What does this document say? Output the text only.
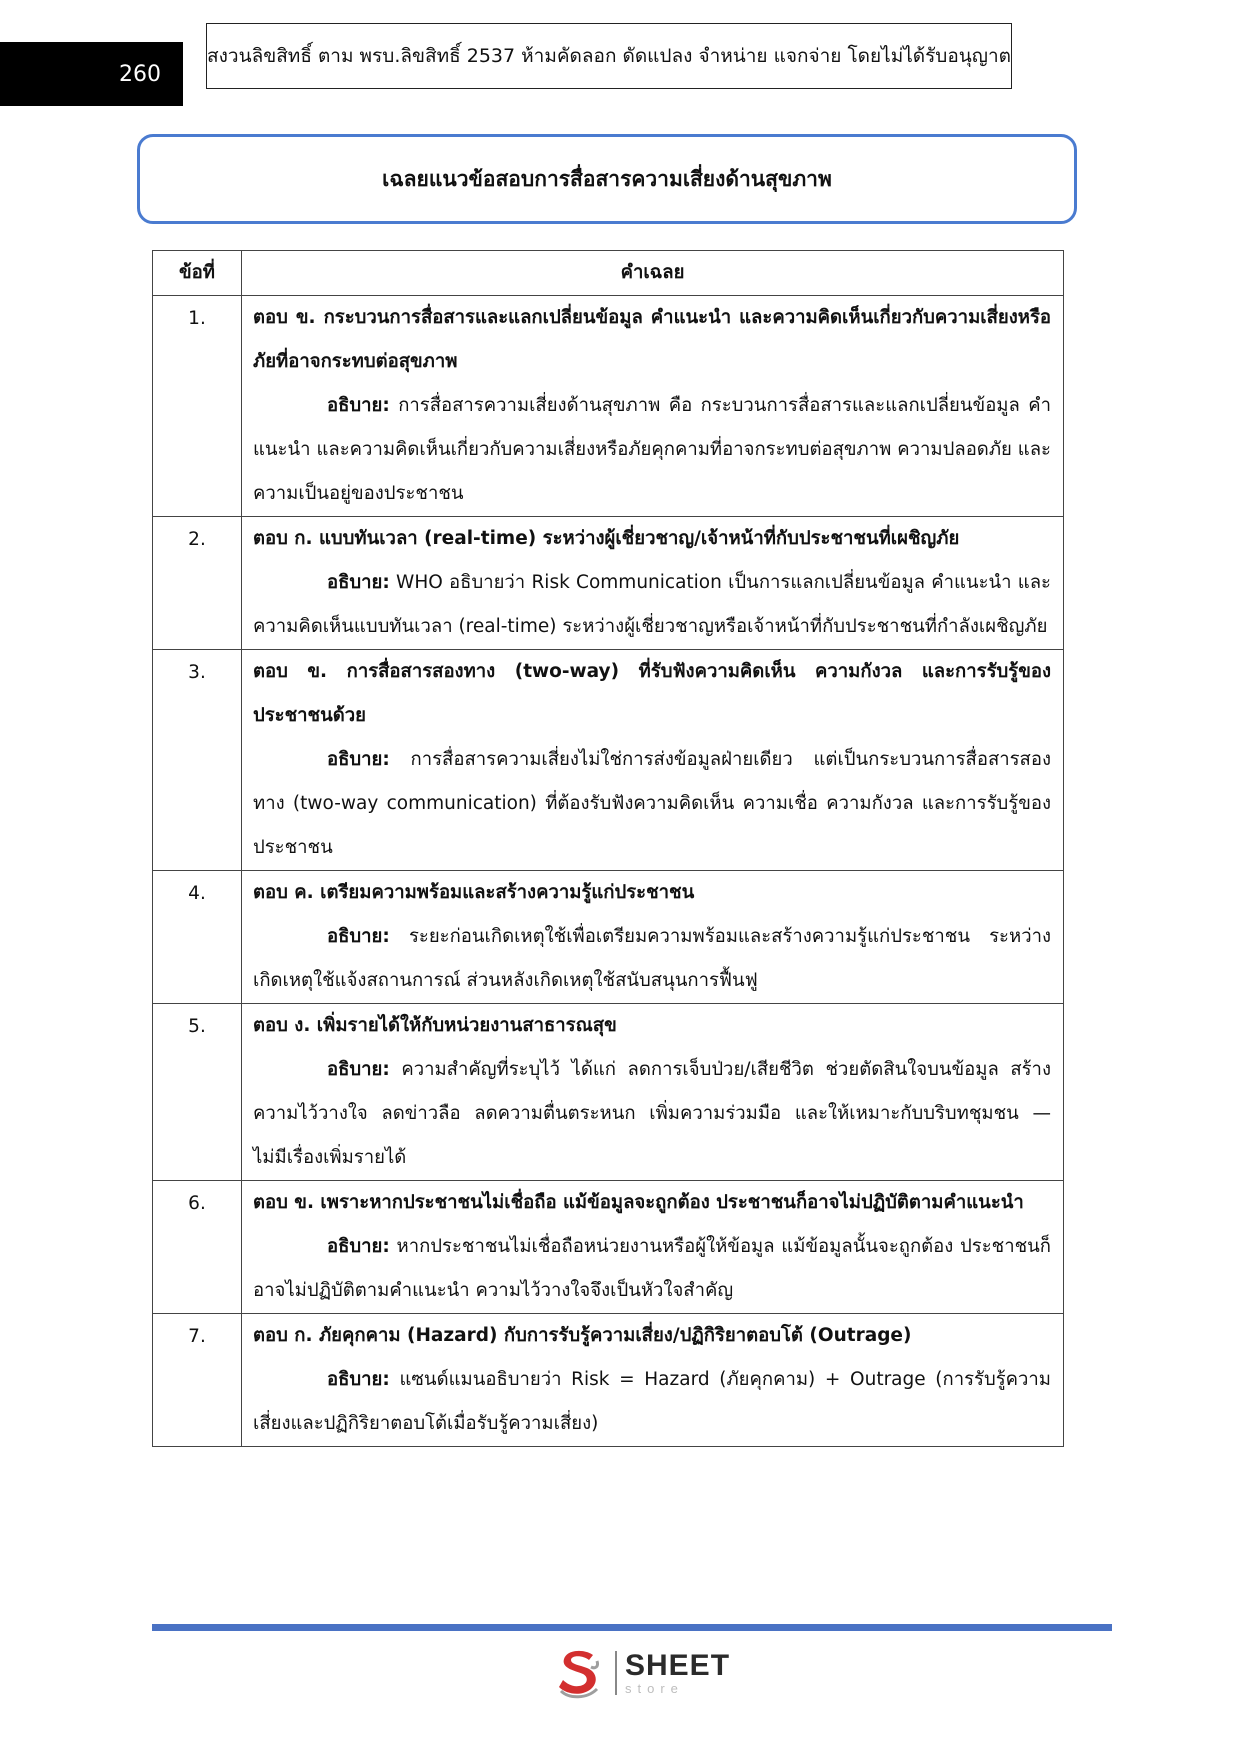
260
สงวนลิขสิทธิ์ ตาม พรบ.ลิขสิทธิ์ 2537 ห้ามคัดลอก ดัดแปลง จำหน่าย แจกจ่าย โดยไม่ได้รับอนุญาต
เฉลยแนวข้อสอบการสื่อสารความเสี่ยงด้านสุขภาพ
ข้อที่	คำเฉลย
1.	ตอบ ข. กระบวนการสื่อสารและแลกเปลี่ยนข้อมูล คำแนะนำ และความคิดเห็นเกี่ยวกับความเสี่ยงหรือภัยที่อาจกระทบต่อสุขภาพ
อธิบาย: การสื่อสารความเสี่ยงด้านสุขภาพ คือ กระบวนการสื่อสารและแลกเปลี่ยนข้อมูล คำแนะนำ และความคิดเห็นเกี่ยวกับความเสี่ยงหรือภัยคุกคามที่อาจกระทบต่อสุขภาพ ความปลอดภัย และความเป็นอยู่ของประชาชน

2.	ตอบ ก. แบบทันเวลา (real-time) ระหว่างผู้เชี่ยวชาญ/เจ้าหน้าที่กับประชาชนที่เผชิญภัย
อธิบาย: WHO อธิบายว่า Risk Communication เป็นการแลกเปลี่ยนข้อมูล คำแนะนำ และความคิดเห็นแบบทันเวลา (real-time) ระหว่างผู้เชี่ยวชาญหรือเจ้าหน้าที่กับประชาชนที่กำลังเผชิญภัย

3.	ตอบ ข. การสื่อสารสองทาง (two-way) ที่รับฟังความคิดเห็น ความกังวล และการรับรู้ของประชาชนด้วย
อธิบาย: การสื่อสารความเสี่ยงไม่ใช่การส่งข้อมูลฝ่ายเดียว แต่เป็นกระบวนการสื่อสารสองทาง (two-way communication) ที่ต้องรับฟังความคิดเห็น ความเชื่อ ความกังวล และการรับรู้ของประชาชน

4.	ตอบ ค. เตรียมความพร้อมและสร้างความรู้แก่ประชาชน
อธิบาย: ระยะก่อนเกิดเหตุใช้เพื่อเตรียมความพร้อมและสร้างความรู้แก่ประชาชน ระหว่างเกิดเหตุใช้แจ้งสถานการณ์ ส่วนหลังเกิดเหตุใช้สนับสนุนการฟื้นฟู

5.	ตอบ ง. เพิ่มรายได้ให้กับหน่วยงานสาธารณสุข
อธิบาย: ความสำคัญที่ระบุไว้ ได้แก่ ลดการเจ็บป่วย/เสียชีวิต ช่วยตัดสินใจบนข้อมูล สร้างความไว้วางใจ ลดข่าวลือ ลดความตื่นตระหนก เพิ่มความร่วมมือ และให้เหมาะกับบริบทชุมชน — ไม่มีเรื่องเพิ่มรายได้

6.	ตอบ ข. เพราะหากประชาชนไม่เชื่อถือ แม้ข้อมูลจะถูกต้อง ประชาชนก็อาจไม่ปฏิบัติตามคำแนะนำ
อธิบาย: หากประชาชนไม่เชื่อถือหน่วยงานหรือผู้ให้ข้อมูล แม้ข้อมูลนั้นจะถูกต้อง ประชาชนก็อาจไม่ปฏิบัติตามคำแนะนำ ความไว้วางใจจึงเป็นหัวใจสำคัญ

7.	ตอบ ก. ภัยคุกคาม (Hazard) กับการรับรู้ความเสี่ยง/ปฏิกิริยาตอบโต้ (Outrage)
อธิบาย: แซนด์แมนอธิบายว่า Risk = Hazard (ภัยคุกคาม) + Outrage (การรับรู้ความเสี่ยงและปฏิกิริยาตอบโต้เมื่อรับรู้ความเสี่ยง)
SHEET
store
